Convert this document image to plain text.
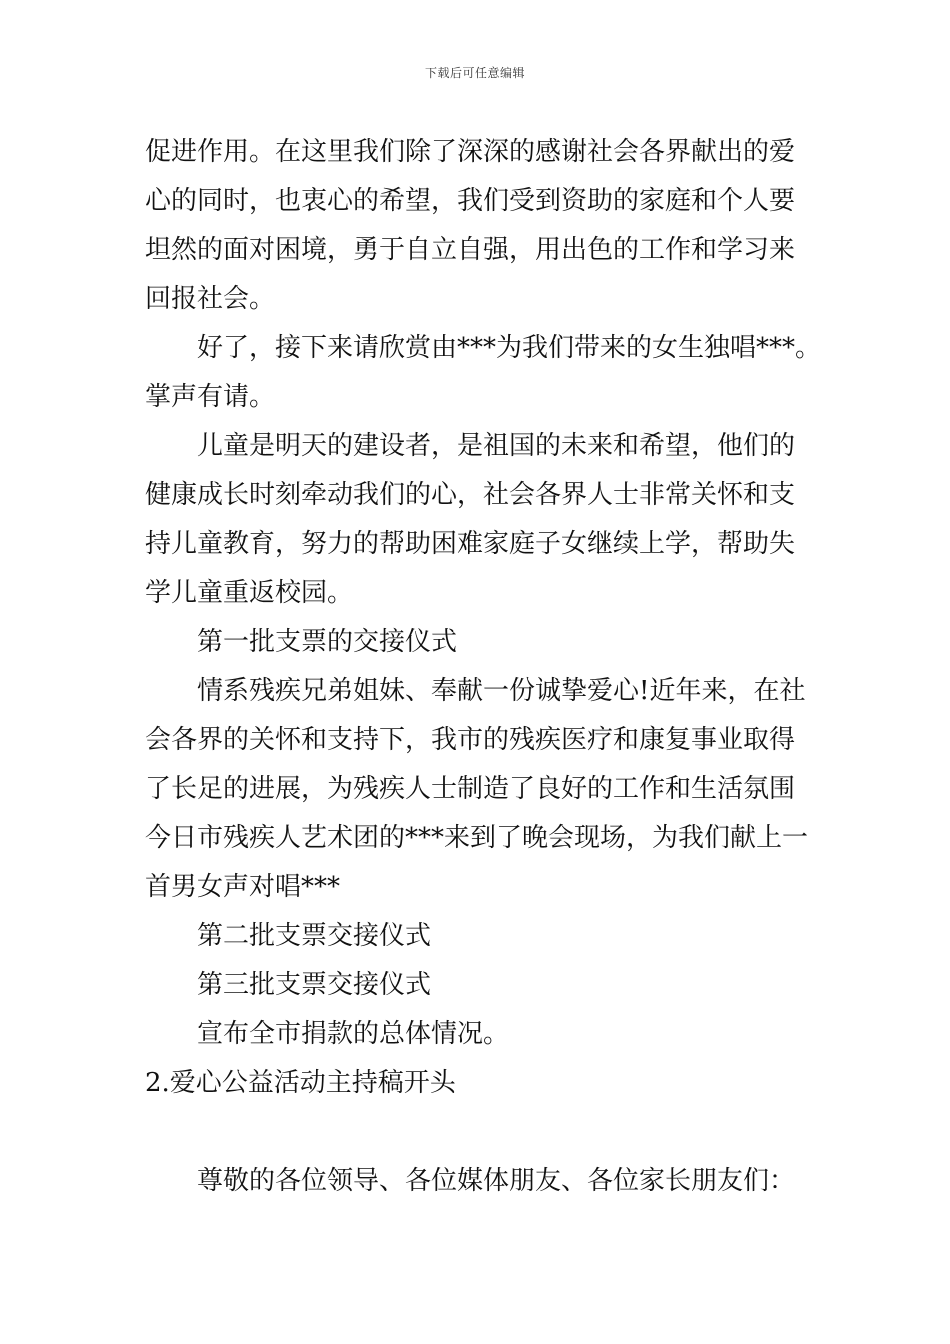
下载后可任意编辑
促进作用。在这里我们除了深深的感谢社会各界献出的爱
心的同时，也衷心的希望，我们受到资助的家庭和个人要
坦然的面对困境，勇于自立自强，用出色的工作和学习来
回报社会。
好了，接下来请欣赏由***为我们带来的女生独唱***。
掌声有请。
儿童是明天的建设者，是祖国的未来和希望，他们的
健康成长时刻牵动我们的心，社会各界人士非常关怀和支
持儿童教育，努力的帮助困难家庭子女继续上学，帮助失
学儿童重返校园。
第一批支票的交接仪式
情系残疾兄弟姐妹、奉献一份诚挚爱心!近年来，在社
会各界的关怀和支持下，我市的残疾医疗和康复事业取得
了长足的进展，为残疾人士制造了良好的工作和生活氛围
今日市残疾人艺术团的***来到了晚会现场，为我们献上一
首男女声对唱***
第二批支票交接仪式
第三批支票交接仪式
宣布全市捐款的总体情况。
2.爱心公益活动主持稿开头
尊敬的各位领导、各位媒体朋友、各位家长朋友们：
